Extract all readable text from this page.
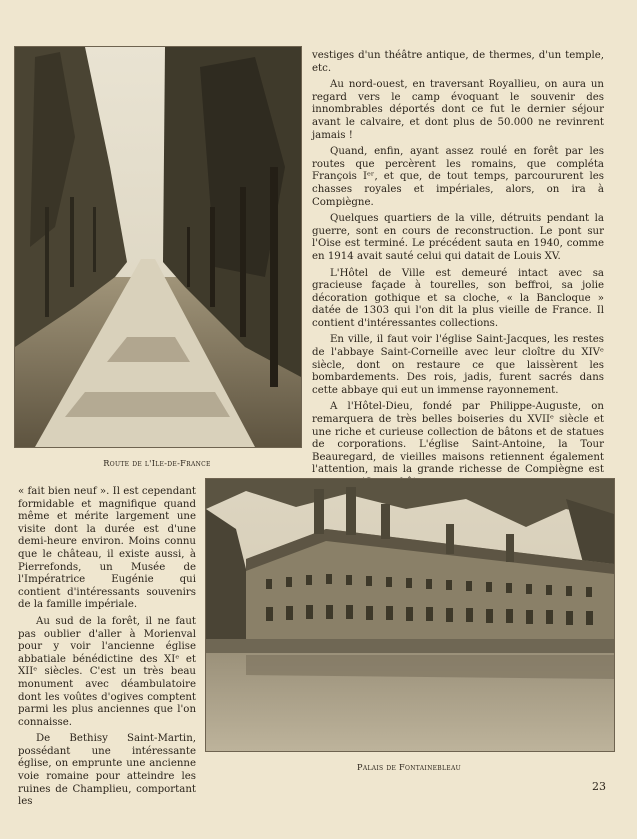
Route de l'Ile-de-France

vestiges d'un théâtre antique, de thermes, d'un temple, etc.

Au nord-ouest, en traversant Royallieu, on aura un regard vers le camp évoquant le souvenir des innombrables déportés dont ce fut le dernier séjour avant le calvaire, et dont plus de 50.000 ne revinrent jamais !

Quand, enfin, ayant assez roulé en forêt par les routes que percèrent les romains, que compléta François Iᵉʳ, et que, de tout temps, parcoururent les chasses royales et impériales, alors, on ira à Compiègne.

Quelques quartiers de la ville, détruits pendant la guerre, sont en cours de reconstruction. Le pont sur l'Oise est terminé. Le précédent sauta en 1940, comme en 1914 avait sauté celui qui datait de Louis XV.

L'Hôtel de Ville est demeuré intact avec sa gracieuse façade à tourelles, son beffroi, sa jolie décoration gothique et sa cloche, « la Bancloque » datée de 1303 qui l'on dit la plus vieille de France. Il contient d'intéressantes collections.

En ville, il faut voir l'église Saint-Jacques, les restes de l'abbaye Saint-Corneille avec leur cloître du XIVᵉ siècle, dont on restaure ce que laissèrent les bombardements. Des rois, jadis, furent sacrés dans cette abbaye qui eut un immense rayonnement.

A l'Hôtel-Dieu, fondé par Philippe-Auguste, on remarquera de très belles boiseries du XVIIᵉ siècle et une riche et curieuse collection de bâtons et de statues de corporations. L'église Saint-Antoine, la Tour Beauregard, de vieilles maisons retiennent également l'attention, mais la grande richesse de Compiègne est

« fait bien neuf ». Il est cependant formidable et magnifique quand même et mérite largement une visite dont la durée est d'une demi-heure environ. Moins connu que le château, il existe aussi, à Pierrefonds, un Musée de l'Impératrice Eugénie qui contient d'intéressants souvenirs de la famille impériale.

Au sud de la forêt, il ne faut pas oublier d'aller à Morienval pour y voir l'ancienne église abbatiale bénédictine des XIᵉ et XIIᵉ siècles. C'est un très beau monument avec déambulatoire dont les voûtes d'ogives comptent parmi les plus anciennes que l'on connaisse.

De Bethisy Saint-Martin, possédant une intéressante église, on emprunte une ancienne voie romaine pour atteindre les ruines de Champlieu, comportant les

Palais de Fontainebleau

23
